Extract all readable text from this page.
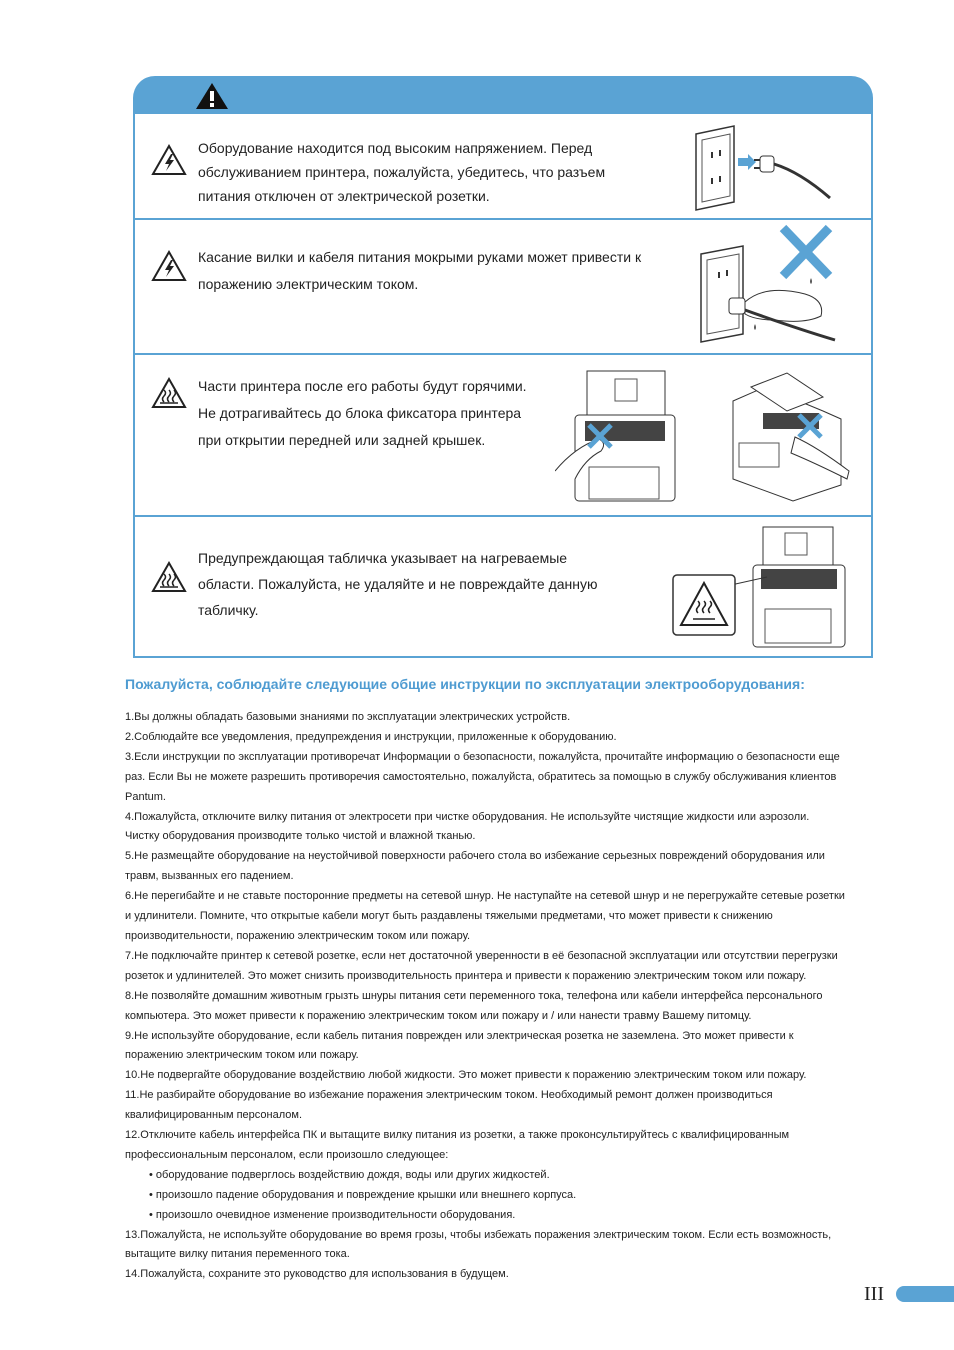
Оборудование находится под высоким напряжением. Перед
обслуживанием принтера, пожалуйста, убедитесь, что разъем
питания отключен от электрической розетки.
Касание вилки и кабеля питания мокрыми руками может привести к
поражению электрическим током.
Части принтера после его работы будут горячими.
Не дотрагивайтесь до блока фиксатора принтера
при открытии передней или задней крышек.
Предупреждающая табличка указывает на нагреваемые
области. Пожалуйста, не удаляйте и не повреждайте данную
табличку.
Пожалуйста, соблюдайте следующие общие инструкции по эксплуатации электрооборудования:
1.Вы должны обладать базовыми знаниями по эксплуатации электрических устройств.
2.Соблюдайте все уведомления, предупреждения и инструкции, приложенные к оборудованию.
3.Если инструкции по эксплуатации противоречат Информации о безопасности, пожалуйста, прочитайте информацию о безопасности еще
раз. Если Вы не можете разрешить противоречия самостоятельно, пожалуйста, обратитесь за помощью в службу обслуживания клиентов
Pantum.
4.Пожалуйста, отключите вилку питания от электросети при чистке оборудования. Не используйте чистящие жидкости или аэрозоли.
Чистку оборудования производите только чистой и влажной тканью.
5.Не размещайте оборудование на неустойчивой поверхности рабочего стола во избежание серьезных повреждений оборудования или
травм, вызванных его падением.
6.Не перегибайте и не ставьте посторонние предметы на сетевой шнур. Не наступайте на сетевой шнур и не перегружайте сетевые розетки
и удлинители. Помните, что открытые кабели могут быть раздавлены тяжелыми предметами, что может привести к снижению
производительности, поражению электрическим током или пожару.
7.Не подключайте принтер к сетевой розетке, если нет достаточной уверенности в её безопасной эксплуатации или отсутствии перегрузки
розеток и удлинителей. Это может снизить производительность принтера и привести к поражению электрическим током или пожару.
8.Не позволяйте домашним животным грызть шнуры питания сети переменного тока, телефона или кабели интерфейса персонального
компьютера. Это может привести к поражению электрическим током или пожару и / или нанести травму Вашему питомцу.
9.Не используйте оборудование, если кабель питания поврежден или электрическая розетка не заземлена. Это может привести к
поражению электрическим током или пожару.
10.Не подвергайте оборудование воздействию любой жидкости. Это может привести к поражению электрическим током или пожару.
11.Не разбирайте оборудование во избежание поражения электрическим током. Необходимый ремонт должен производиться
квалифицированным персоналом.
12.Отключите кабель интерфейса ПК и вытащите вилку питания из розетки, а также проконсультируйтесь с квалифицированным
профессиональным персоналом, если произошло следующее:
• оборудование подверглось воздействию дождя, воды или других жидкостей.
• произошло падение оборудования и повреждение крышки или внешнего корпуса.
• произошло очевидное изменение производительности оборудования.
13.Пожалуйста, не используйте оборудование во время грозы, чтобы избежать поражения электрическим током. Если есть возможность,
вытащите вилку питания переменного тока.
14.Пожалуйста, сохраните это руководство для использования в будущем.
III
